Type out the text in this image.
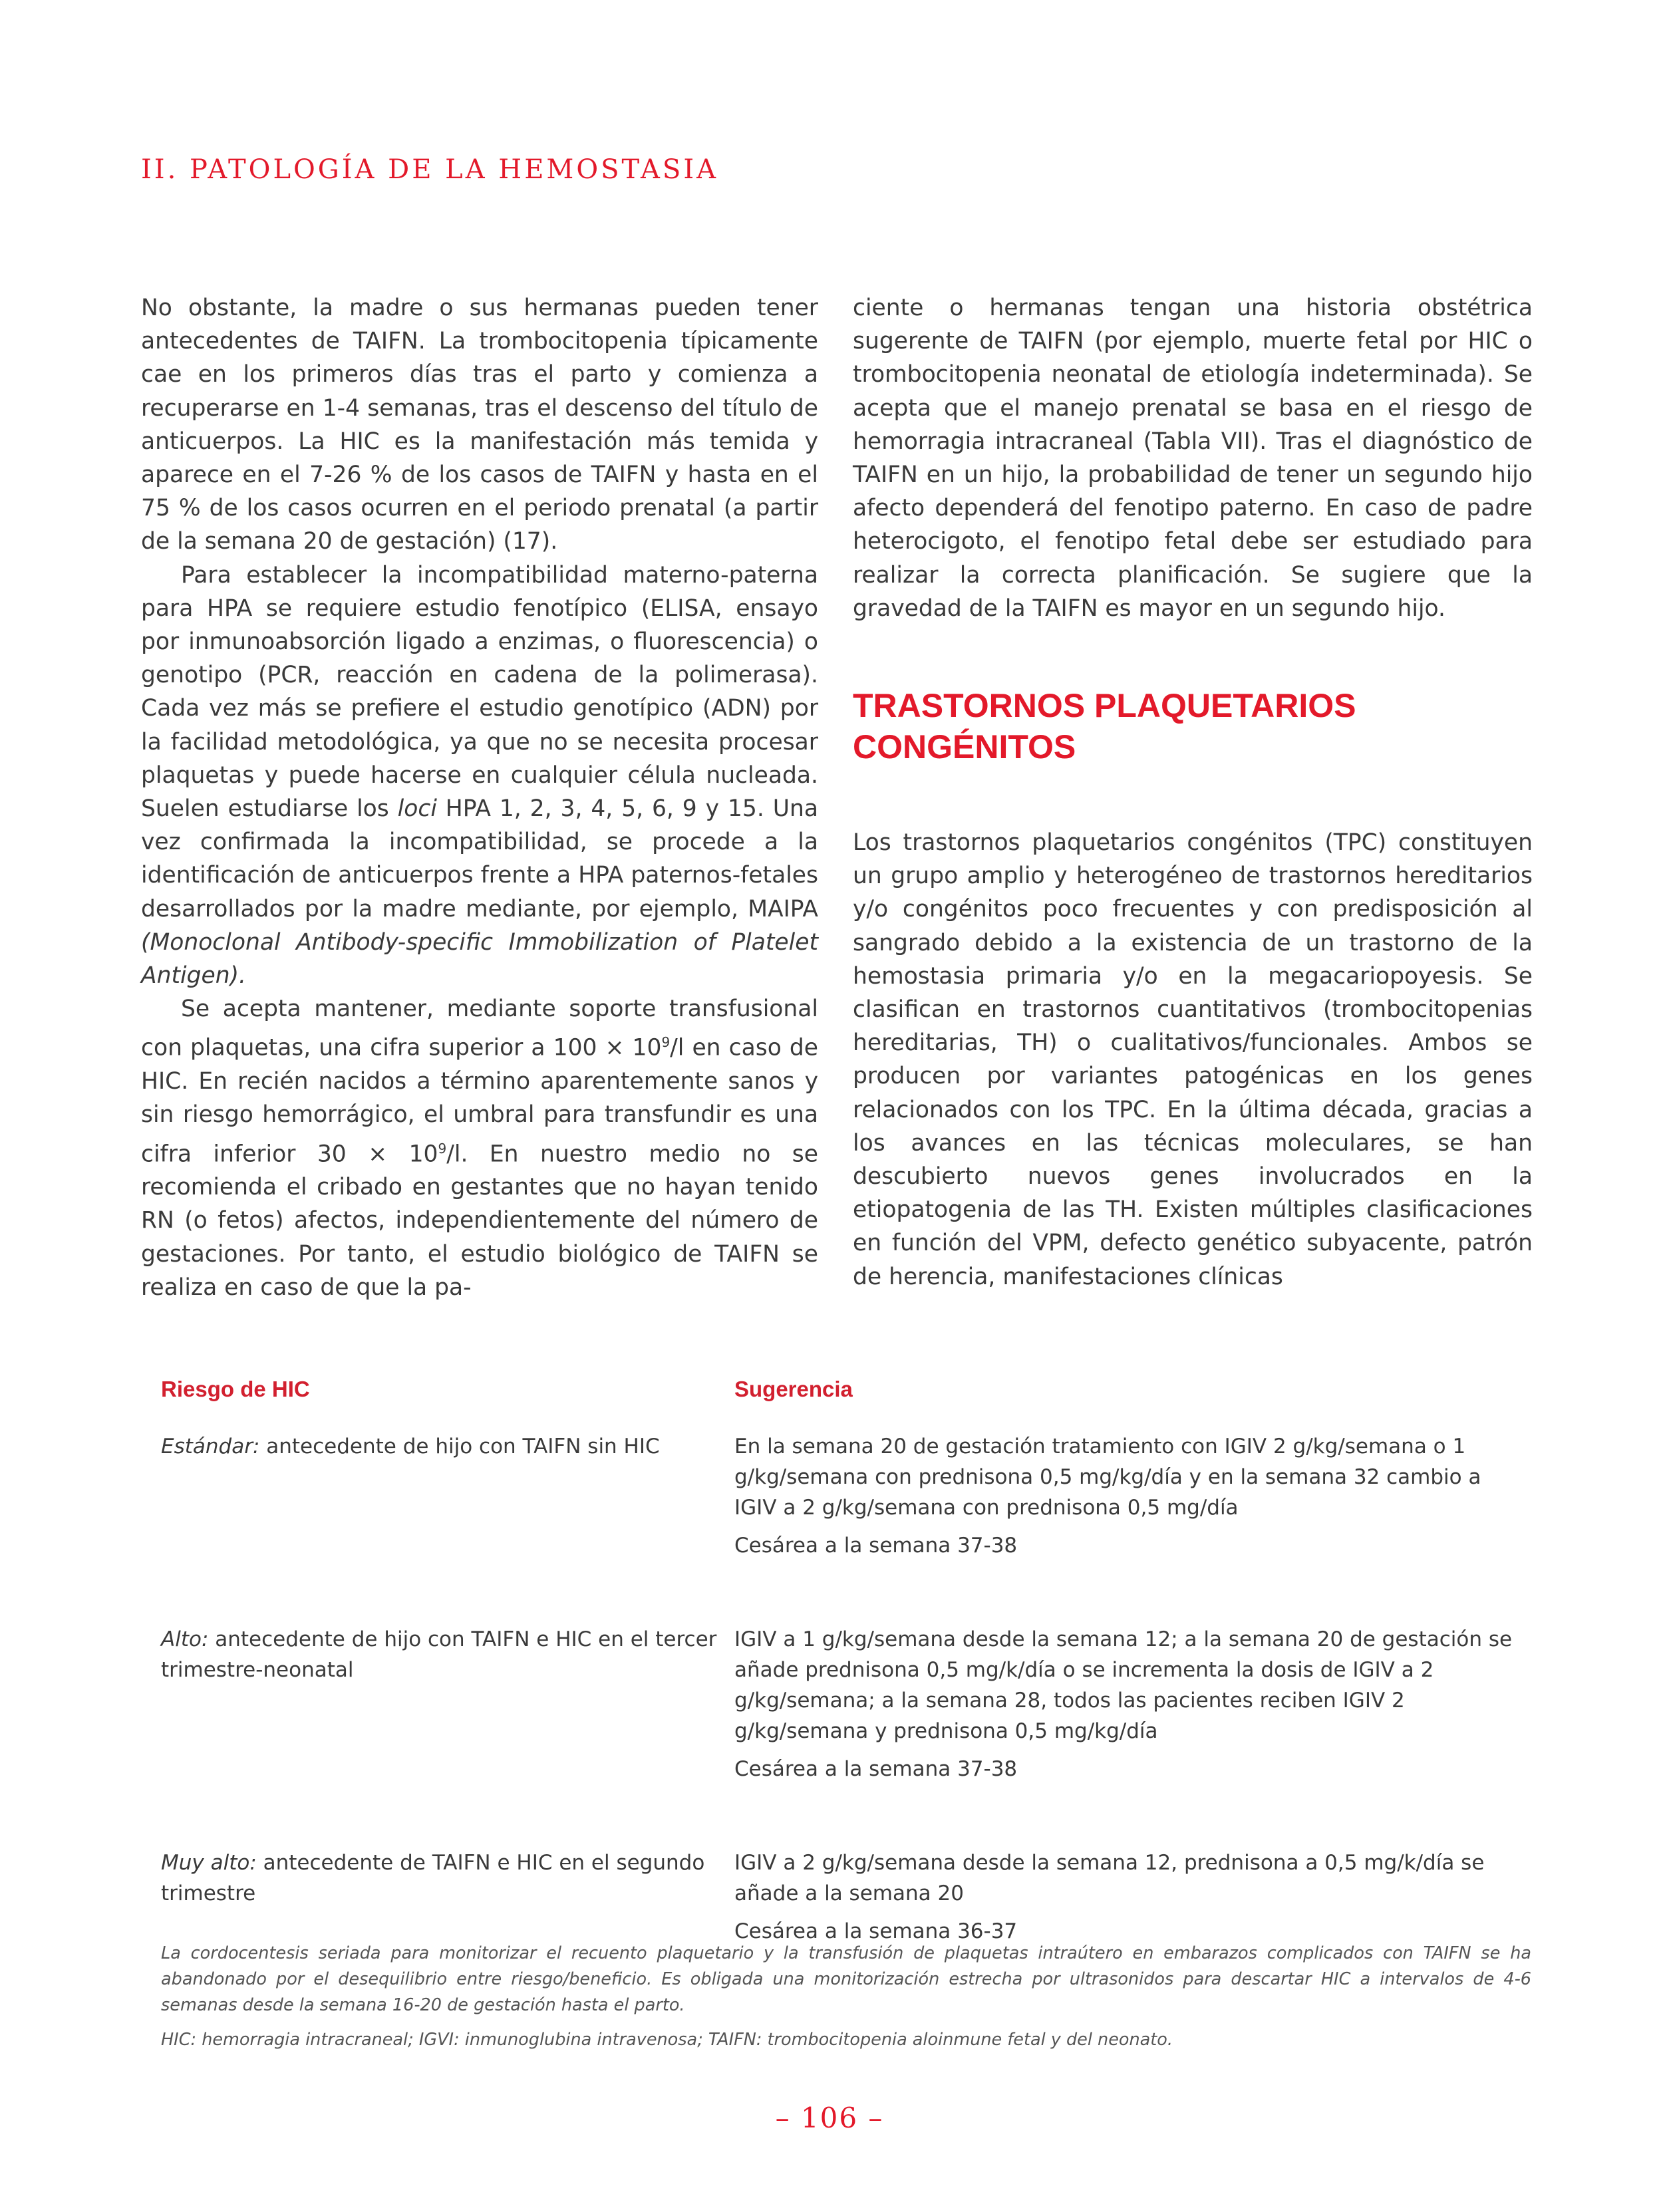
II. PATOLOGÍA DE LA HEMOSTASIA

No obstante, la madre o sus hermanas pueden tener antecedentes de TAIFN. La trombocitopenia típicamente cae en los primeros días tras el parto y comienza a recuperarse en 1-4 semanas, tras el descenso del título de anticuerpos. La HIC es la manifestación más temida y aparece en el 7-26 % de los casos de TAIFN y hasta en el 75 % de los casos ocurren en el periodo prenatal (a partir de la semana 20 de gestación) (17).

Para establecer la incompatibilidad materno-paterna para HPA se requiere estudio fenotípico (ELISA, ensayo por inmunoabsorción ligado a enzimas, o fluorescencia) o genotipo (PCR, reacción en cadena de la polimerasa). Cada vez más se prefiere el estudio genotípico (ADN) por la facilidad metodológica, ya que no se necesita procesar plaquetas y puede hacerse en cualquier célula nucleada. Suelen estudiarse los loci HPA 1, 2, 3, 4, 5, 6, 9 y 15. Una vez confirmada la incompatibilidad, se procede a la identificación de anticuerpos frente a HPA paternos-fetales desarrollados por la madre mediante, por ejemplo, MAIPA (Monoclonal Antibody-specific Immobilization of Platelet Antigen).

Se acepta mantener, mediante soporte transfusional con plaquetas, una cifra superior a $100 \times 10^9/l$ en caso de HIC. En recién nacidos a término aparentemente sanos y sin riesgo hemorrágico, el umbral para transfundir es una cifra inferior $30 \times 10^9/l$. En nuestro medio no se recomienda el cribado en gestantes que no hayan tenido RN (o fetos) afectos, independientemente del número de gestaciones. Por tanto, el estudio biológico de TAIFN se realiza en caso de que la pa-

ciente o hermanas tengan una historia obstétrica sugerente de TAIFN (por ejemplo, muerte fetal por HIC o trombocitopenia neonatal de etiología indeterminada). Se acepta que el manejo prenatal se basa en el riesgo de hemorragia intracraneal (Tabla VII). Tras el diagnóstico de TAIFN en un hijo, la probabilidad de tener un segundo hijo afecto dependerá del fenotipo paterno. En caso de padre heterocigoto, el fenotipo fetal debe ser estudiado para realizar la correcta planificación. Se sugiere que la gravedad de la TAIFN es mayor en un segundo hijo.

TRASTORNOS PLAQUETARIOS
CONGÉNITOS

Los trastornos plaquetarios congénitos (TPC) constituyen un grupo amplio y heterogéneo de trastornos hereditarios y/o congénitos poco frecuentes y con predisposición al sangrado debido a la existencia de un trastorno de la hemostasia primaria y/o en la megacariopoyesis. Se clasifican en trastornos cuantitativos (trombocitopenias hereditarias, TH) o cualitativos/funcionales. Ambos se producen por variantes patogénicas en los genes relacionados con los TPC. En la última década, gracias a los avances en las técnicas moleculares, se han descubierto nuevos genes involucrados en la etiopatogenia de las TH. Existen múltiples clasificaciones en función del VPM, defecto genético subyacente, patrón de herencia, manifestaciones clínicas

Riesgo de HIC	Sugerencia
Estándar: antecedente de hijo con TAIFN sin HIC	En la semana 20 de gestación tratamiento con IGIV 2 g/kg/semana o 1 g/kg/semana con prednisona 0,5 mg/kg/día y en la semana 32 cambio a IGIV a 2 g/kg/semana con prednisona 0,5 mg/día

Cesárea a la semana 37-38

Alto: antecedente de hijo con TAIFN e HIC en el tercer trimestre-neonatal

IGIV a 1 g/kg/semana desde la semana 12; a la semana 20 de gestación se añade prednisona 0,5 mg/k/día o se incrementa la dosis de IGIV a 2 g/kg/semana; a la semana 28, todos las pacientes reciben IGIV 2 g/kg/semana y prednisona 0,5 mg/kg/día

Cesárea a la semana 37-38

Muy alto: antecedente de TAIFN e HIC en el segundo trimestre

IGIV a 2 g/kg/semana desde la semana 12, prednisona a 0,5 mg/k/día se añade a la semana 20

Cesárea a la semana 36-37

La cordocentesis seriada para monitorizar el recuento plaquetario y la transfusión de plaquetas intraútero en embarazos complicados con TAIFN se ha abandonado por el desequilibrio entre riesgo/beneficio. Es obligada una monitorización estrecha por ultrasonidos para descartar HIC a intervalos de 4-6 semanas desde la semana 16-20 de gestación hasta el parto.
HIC: hemorragia intracraneal; IGVI: inmunoglubina intravenosa; TAIFN: trombocitopenia aloinmune fetal y del neonato.
– 106 –
